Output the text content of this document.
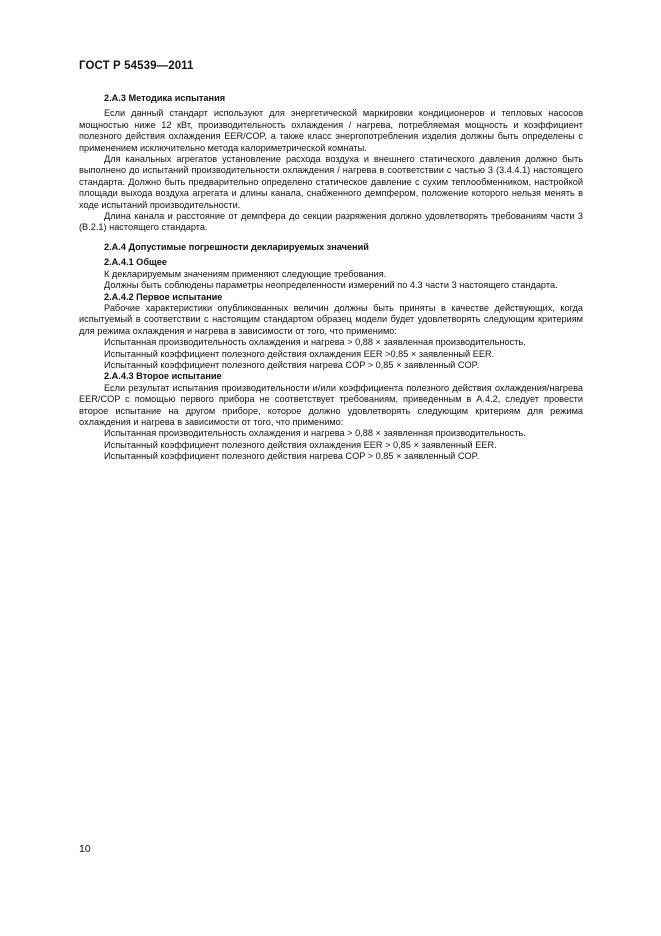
ГОСТ Р 54539—2011

2.A.3 Методика испытания

Если данный стандарт используют для энергетической маркировки кондиционеров и тепловых насосов мощностью ниже 12 кВт, производительность охлаждения / нагрева, потребляемая мощность и коэффициент полезного действия охлаждения EER/COP, а также класс энергопотребления изделия должны быть определены с применением исключительно метода калориметрической комнаты.

Для канальных агрегатов установление расхода воздуха и внешнего статического давления должно быть выполнено до испытаний производительности охлаждения / нагрева в соответствии с частью 3 (3.4.4.1) настоящего стандарта. Должно быть предварительно определено статическое давление с сухим теплообменником, настройкой площади выхода воздуха агрегата и длины канала, снабженного демпфером, положение которого нельзя менять в ходе испытаний производительности.

Длина канала и расстояние от демпфера до секции разряжения должно удовлетворять требованиям части 3 (B.2.1) настоящего стандарта.

2.A.4 Допустимые погрешности декларируемых значений

2.A.4.1 Общее

К декларируемым значениям применяют следующие требования.

Должны быть соблюдены параметры неопределенности измерений по 4.3 части 3 настоящего стандарта.

2.A.4.2 Первое испытание

Рабочие характеристики опубликованных величин должны быть приняты в качестве действующих, когда испытуемый в соответствии с настоящим стандартом образец модели будет удовлетворять следующим критериям для режима охлаждения и нагрева в зависимости от того, что применимо:

Испытанная производительность охлаждения и нагрева > 0,88 × заявленная производительность.

Испытанный коэффициент полезного действия охлаждения EER >0,85 × заявленный EER.

Испытанный коэффициент полезного действия нагрева COP > 0,85 × заявленный COP.

2.A.4.3 Второе испытание

Если результат испытания производительности и/или коэффициента полезного действия охлаждения/нагрева EER/COP с помощью первого прибора не соответствует требованиям, приведенным в А.4.2, следует провести второе испытание на другом приборе, которое должно удовлетворять следующим критериям для режима охлаждения и нагрева в зависимости от того, что применимо:

Испытанная производительность охлаждения и нагрева > 0,88 × заявленная производительность.

Испытанный коэффициент полезного действия охлаждения EER > 0,85 × заявленный EER.

Испытанный коэффициент полезного действия нагрева COP > 0,85 × заявленный COP.

10
